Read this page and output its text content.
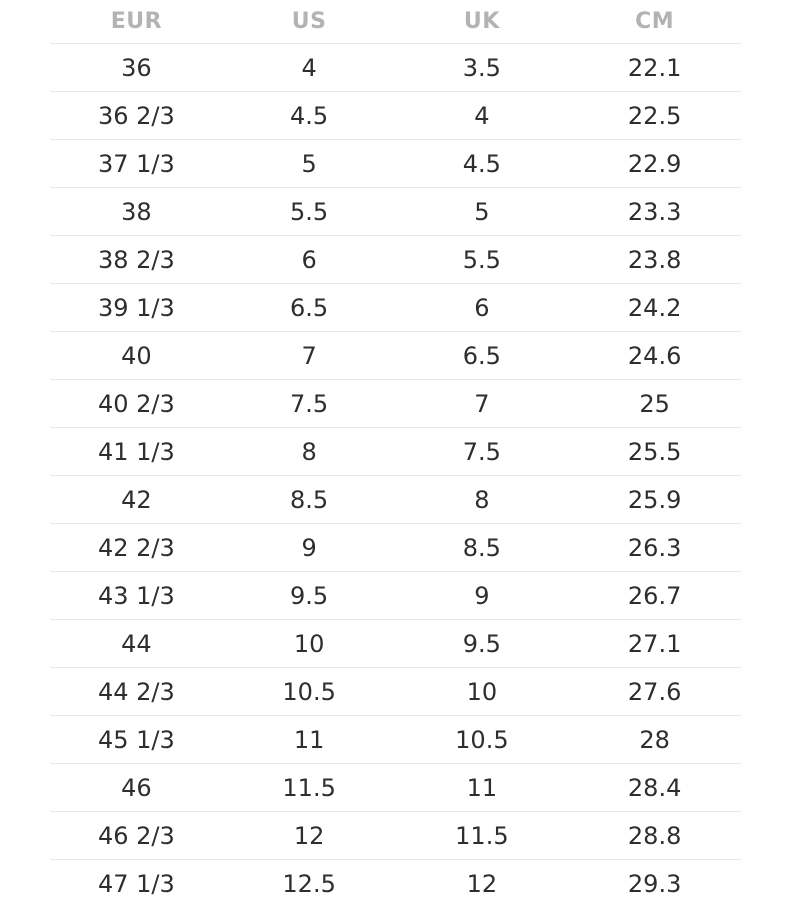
EUR	US	UK	CM
36	4	3.5	22.1
36 2/3	4.5	4	22.5
37 1/3	5	4.5	22.9
38	5.5	5	23.3
38 2/3	6	5.5	23.8
39 1/3	6.5	6	24.2
40	7	6.5	24.6
40 2/3	7.5	7	25
41 1/3	8	7.5	25.5
42	8.5	8	25.9
42 2/3	9	8.5	26.3
43 1/3	9.5	9	26.7
44	10	9.5	27.1
44 2/3	10.5	10	27.6
45 1/3	11	10.5	28
46	11.5	11	28.4
46 2/3	12	11.5	28.8
47 1/3	12.5	12	29.3
